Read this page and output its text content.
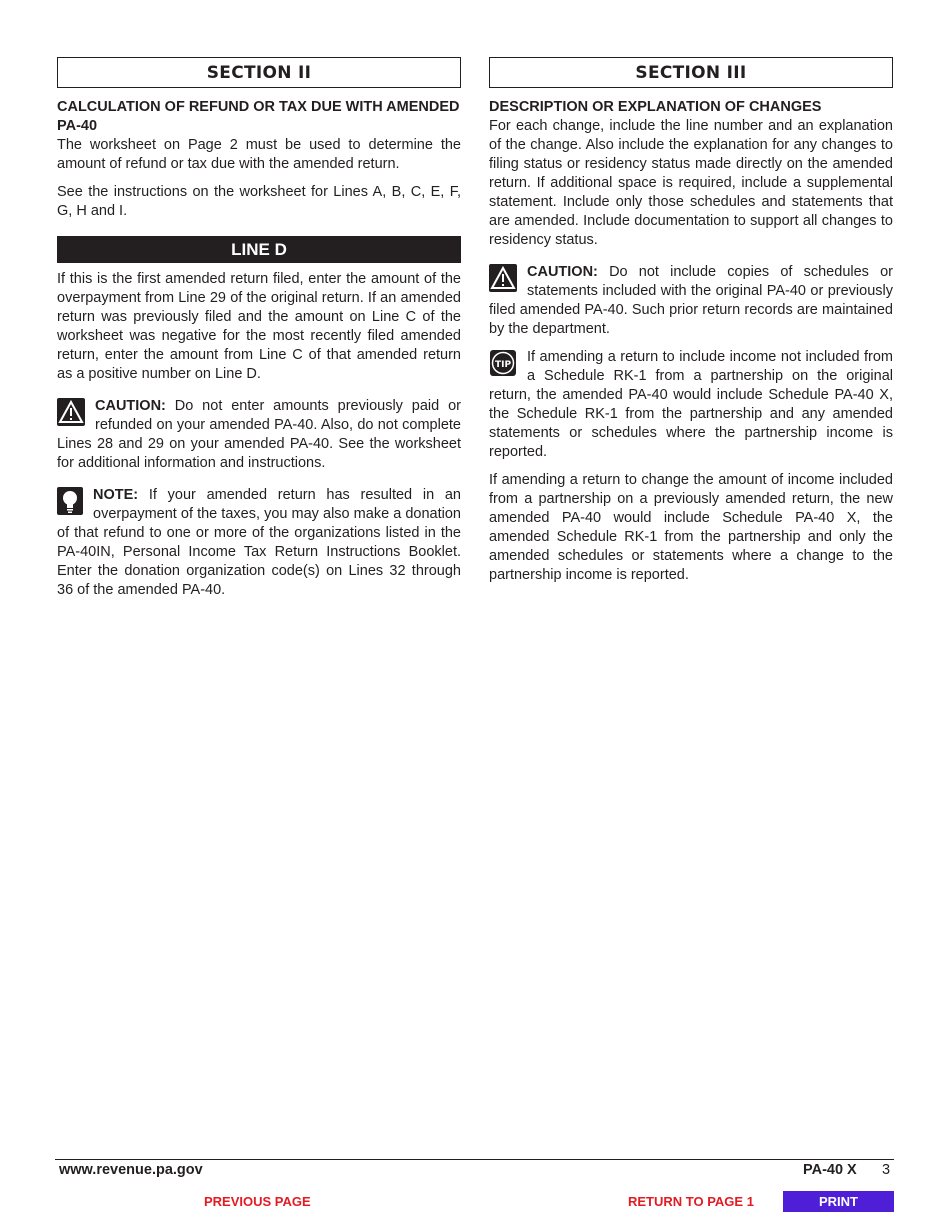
SECTION II
CALCULATION OF REFUND OR TAX DUE WITH AMENDED PA-40

The worksheet on Page 2 must be used to determine the amount of refund or tax due with the amended return.

See the instructions on the worksheet for Lines A, B, C, E, F, G, H and I.

LINE D

If this is the first amended return filed, enter the amount of the overpayment from Line 29 of the original return. If an amended return was previously filed and the amount on Line C of the worksheet was negative for the most recently filed amended return, enter the amount from Line C of that amended return as a positive number on Line D.

CAUTION: Do not enter amounts previously paid or refunded on your amended PA-40. Also, do not complete Lines 28 and 29 on your amended PA-40. See the worksheet for additional information and instructions.

NOTE: If your amended return has resulted in an overpayment of the taxes, you may also make a donation of that refund to one or more of the organizations listed in the PA-40IN, Personal Income Tax Return Instructions Booklet. Enter the donation organization code(s) on Lines 32 through 36 of the amended PA-40.

SECTION III
DESCRIPTION OR EXPLANATION OF CHANGES

For each change, include the line number and an explanation of the change. Also include the explanation for any changes to filing status or residency status made directly on the amended return. If additional space is required, include a supplemental statement. Include only those schedules and statements that are amended. Include documentation to support all changes to residency status.

CAUTION: Do not include copies of schedules or statements included with the original PA-40 or previously filed amended PA-40. Such prior return records are maintained by the department.

TIP If amending a return to include income not included from a Schedule RK-1 from a partnership on the original return, the amended PA-40 would include Schedule PA-40 X, the Schedule RK-1 from the partnership and any amended statements or schedules where the partnership income is reported.

If amending a return to change the amount of income included from a partnership on a previously amended return, the new amended PA-40 would include Schedule PA-40 X, the amended Schedule RK-1 from the partnership and only the amended schedules or statements where a change to the partnership income is reported.

www.revenue.pa.gov	PA-40 X 3
PREVIOUS PAGE	RETURN TO PAGE 1	PRINT
